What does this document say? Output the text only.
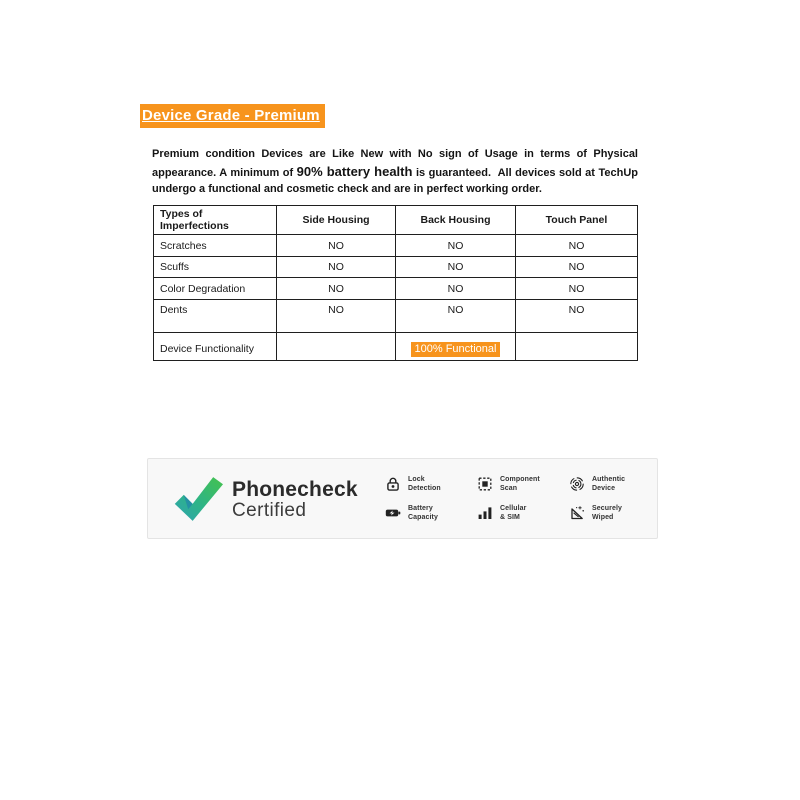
Device Grade - Premium

Premium condition Devices are Like New with No sign of Usage in terms of Physical appearance. A minimum of 90% battery health is guaranteed.  All devices sold at TechUp undergo a functional and cosmetic check and are in perfect working order.

Types of Imperfections	Side Housing	Back Housing	Touch Panel
Scratches	NO	NO	NO
Scuffs	NO	NO	NO
Color Degradation	NO	NO	NO
Dents	NO	NO	NO
Device Functionality		100% Functional	
Phonecheck
Certified
Lock
Detection
Component
Scan
Authentic
Device
Battery
Capacity
Cellular
& SIM
Securely
Wiped
